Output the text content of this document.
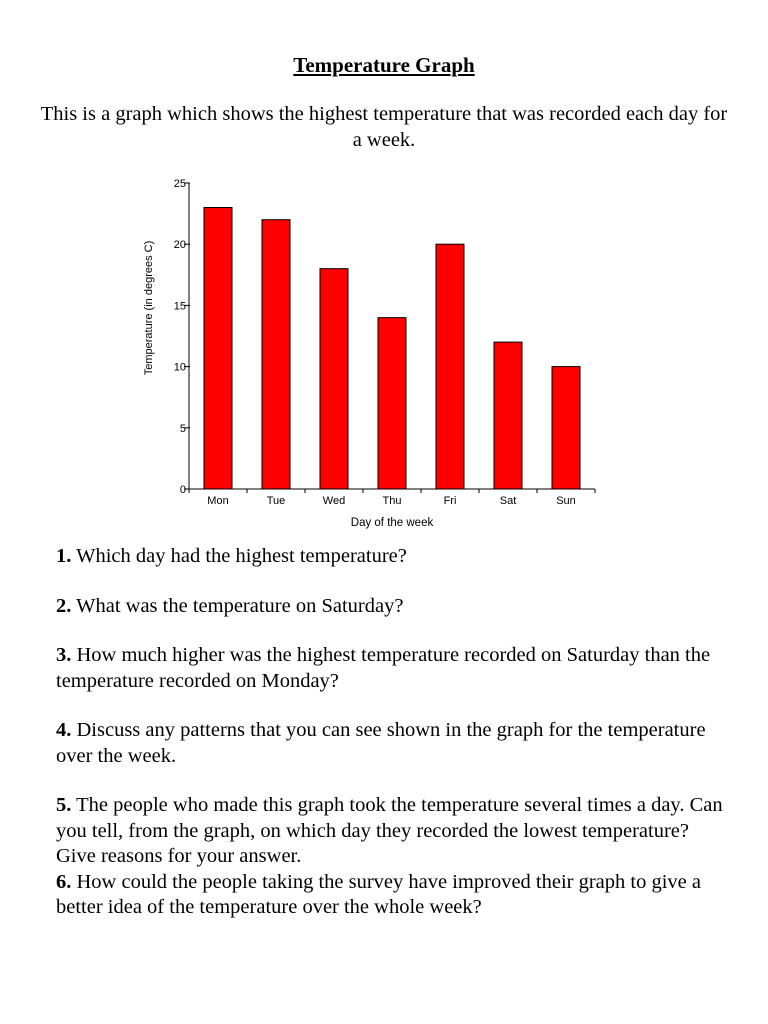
Temperature Graph
This is a graph which shows the highest temperature that was recorded each day for a week.
Temperature (in degrees C)
Day of the week
0
5
10
15
20
25
Mon	Tue	Wed	Thu	Fri	Sat	Sun

1. Which day had the highest temperature?

2. What was the temperature on Saturday?

3. How much higher was the highest temperature recorded on Saturday than the temperature recorded on Monday?

4. Discuss any patterns that you can see shown in the graph for the temperature over the week.

5. The people who made this graph took the temperature several times a day. Can you tell, from the graph, on which day they recorded the lowest temperature? Give reasons for your answer.

6. How could the people taking the survey have improved their graph to give a better idea of the temperature over the whole week?
